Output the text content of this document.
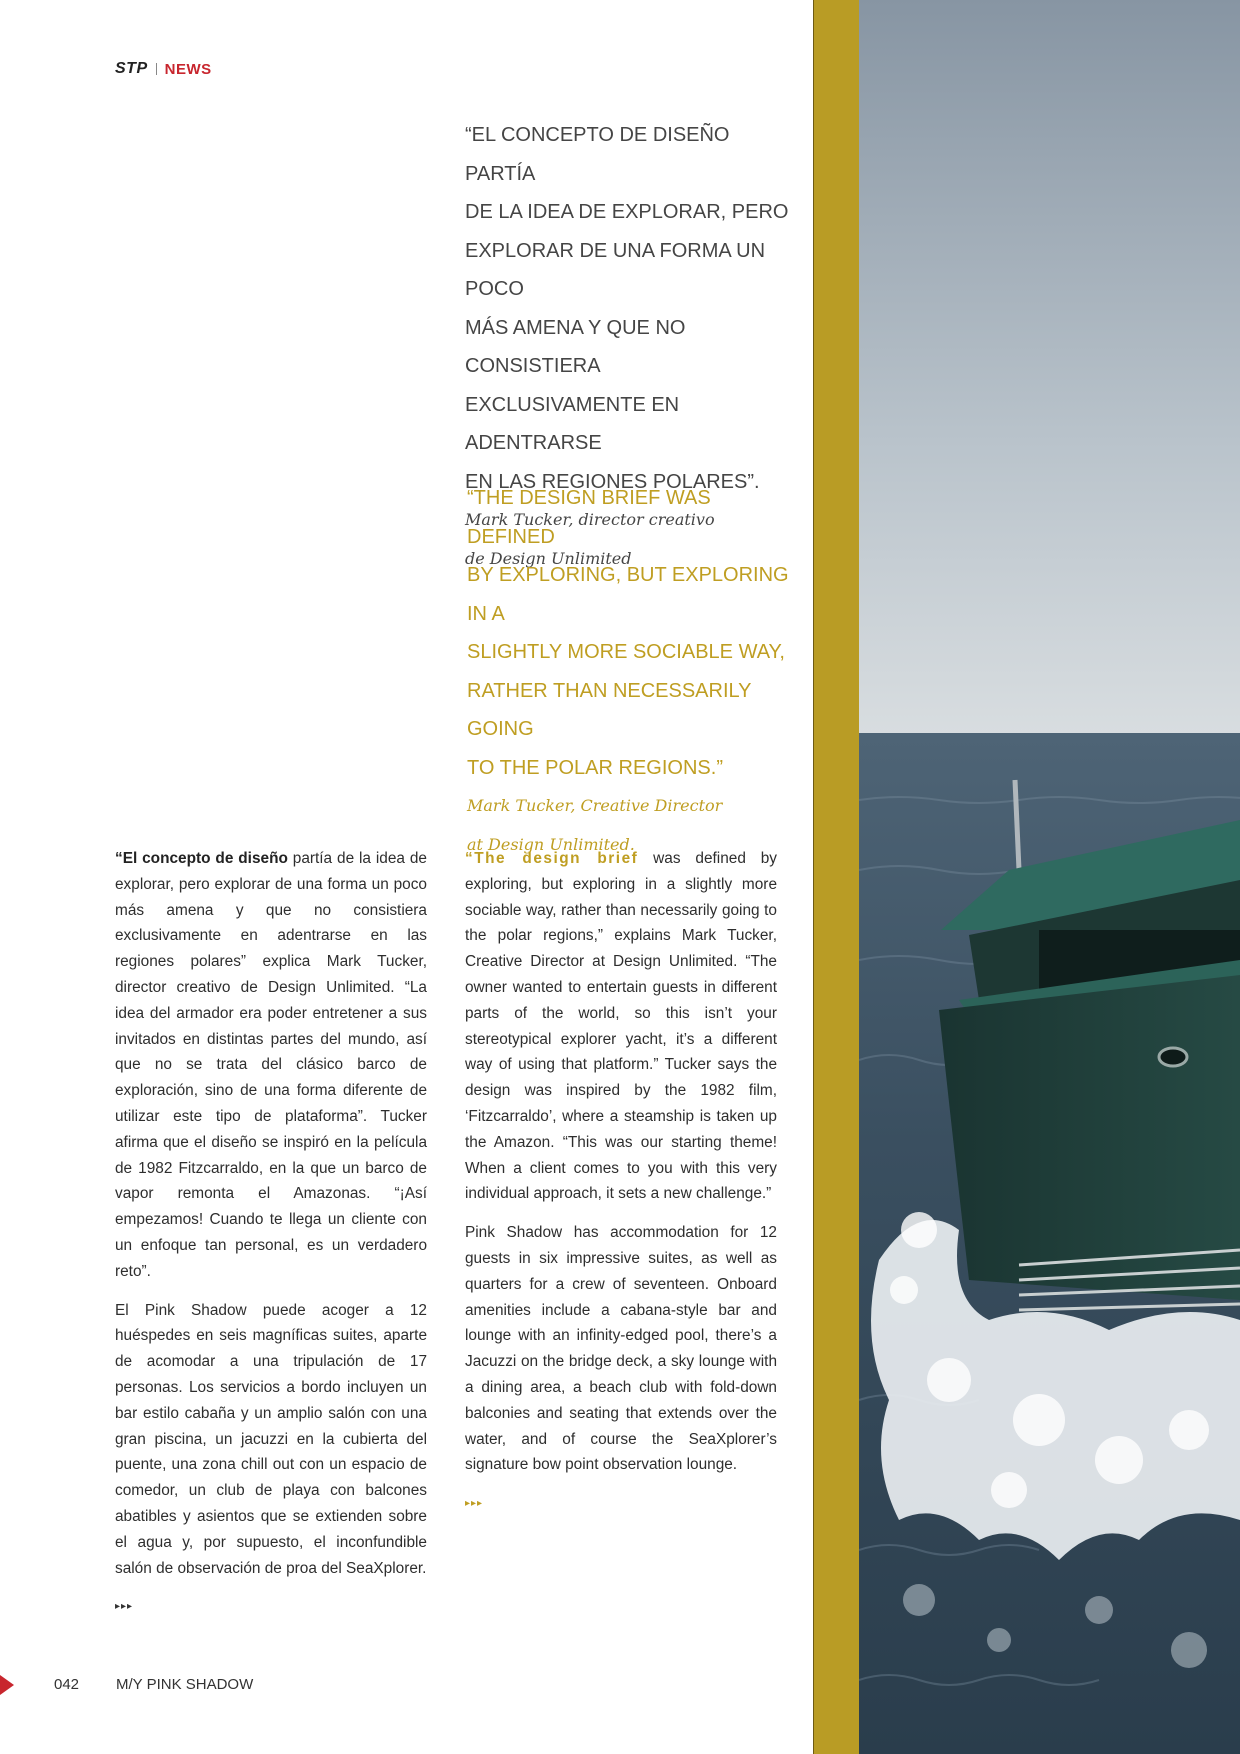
STP NEWS

“EL CONCEPTO DE DISEÑO PARTÍA
DE LA IDEA DE EXPLORAR, PERO
EXPLORAR DE UNA FORMA UN POCO
MÁS AMENA Y QUE NO CONSISTIERA
EXCLUSIVAMENTE EN ADENTRARSE
EN LAS REGIONES POLARES”.

Mark Tucker, director creativo
de Design Unlimited

“THE DESIGN BRIEF WAS DEFINED
BY EXPLORING, BUT EXPLORING IN A
SLIGHTLY MORE SOCIABLE WAY,
RATHER THAN NECESSARILY GOING
TO THE POLAR REGIONS.”

Mark Tucker, Creative Director
at Design Unlimited.

“El concepto de diseño partía de la idea de explorar, pero explorar de una forma un poco más amena y que no consistiera exclusivamente en adentrarse en las regiones polares” explica Mark Tucker, director creativo de Design Unlimited. “La idea del armador era poder entretener a sus invitados en distintas partes del mundo, así que no se trata del clásico barco de exploración, sino de una forma diferente de utilizar este tipo de plataforma”. Tucker afirma que el diseño se inspiró en la película de 1982 Fitzcarraldo, en la que un barco de vapor remonta el Amazonas. “¡Así empezamos! Cuando te llega un cliente con un enfoque tan personal, es un verdadero reto”.

El Pink Shadow puede acoger a 12 huéspedes en seis magníficas suites, aparte de acomodar a una tripulación de 17 personas. Los servicios a bordo incluyen un bar estilo cabaña y un amplio salón con una gran piscina, un jacuzzi en la cubierta del puente, una zona chill out con un espacio de comedor, un club de playa con balcones abatibles y asientos que se extienden sobre el agua y, por supuesto, el inconfundible salón de observación de proa del SeaXplorer.

▸▸▸

“The design brief was defined by exploring, but exploring in a slightly more sociable way, rather than necessarily going to the polar regions,” explains Mark Tucker, Creative Director at Design Unlimited. “The owner wanted to entertain guests in different parts of the world, so this isn’t your stereotypical explorer yacht, it’s a different way of using that platform.” Tucker says the design was inspired by the 1982 film, ‘Fitzcarraldo’, where a steamship is taken up the Amazon. “This was our starting theme! When a client comes to you with this very individual approach, it sets a new challenge.”

Pink Shadow has accommodation for 12 guests in six impressive suites, as well as quarters for a crew of seventeen. Onboard amenities include a cabana-style bar and lounge with an infinity-edged pool, there’s a Jacuzzi on the bridge deck, a sky lounge with a dining area, a beach club with fold-down balconies and seating that extends over the water, and of course the SeaXplorer’s signature bow point observation lounge.

▸▸▸
042 M/Y PINK SHADOW
